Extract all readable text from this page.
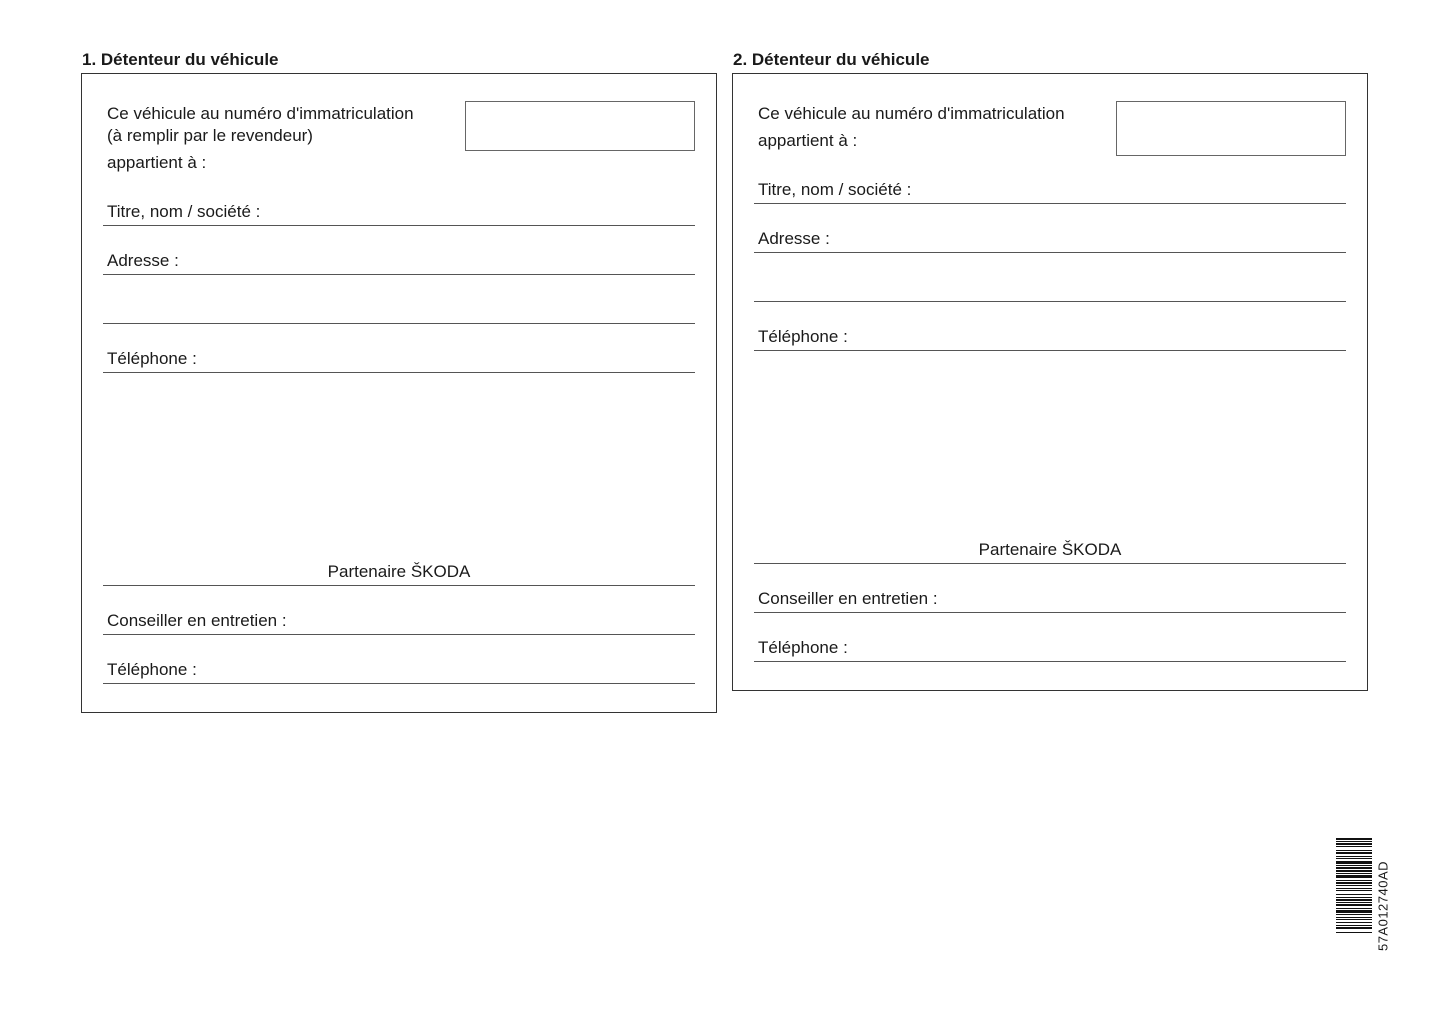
1. Détenteur du véhicule
Ce véhicule au numéro d'immatriculation
(à remplir par le revendeur)
appartient à :
Titre, nom / société :
Adresse :
Téléphone :
Partenaire ŠKODA
Conseiller en entretien :
Téléphone :
2. Détenteur du véhicule
Ce véhicule au numéro d'immatriculation
appartient à :
Titre, nom / société :
Adresse :
Téléphone :
Partenaire ŠKODA
Conseiller en entretien :
Téléphone :
57A012740AD
